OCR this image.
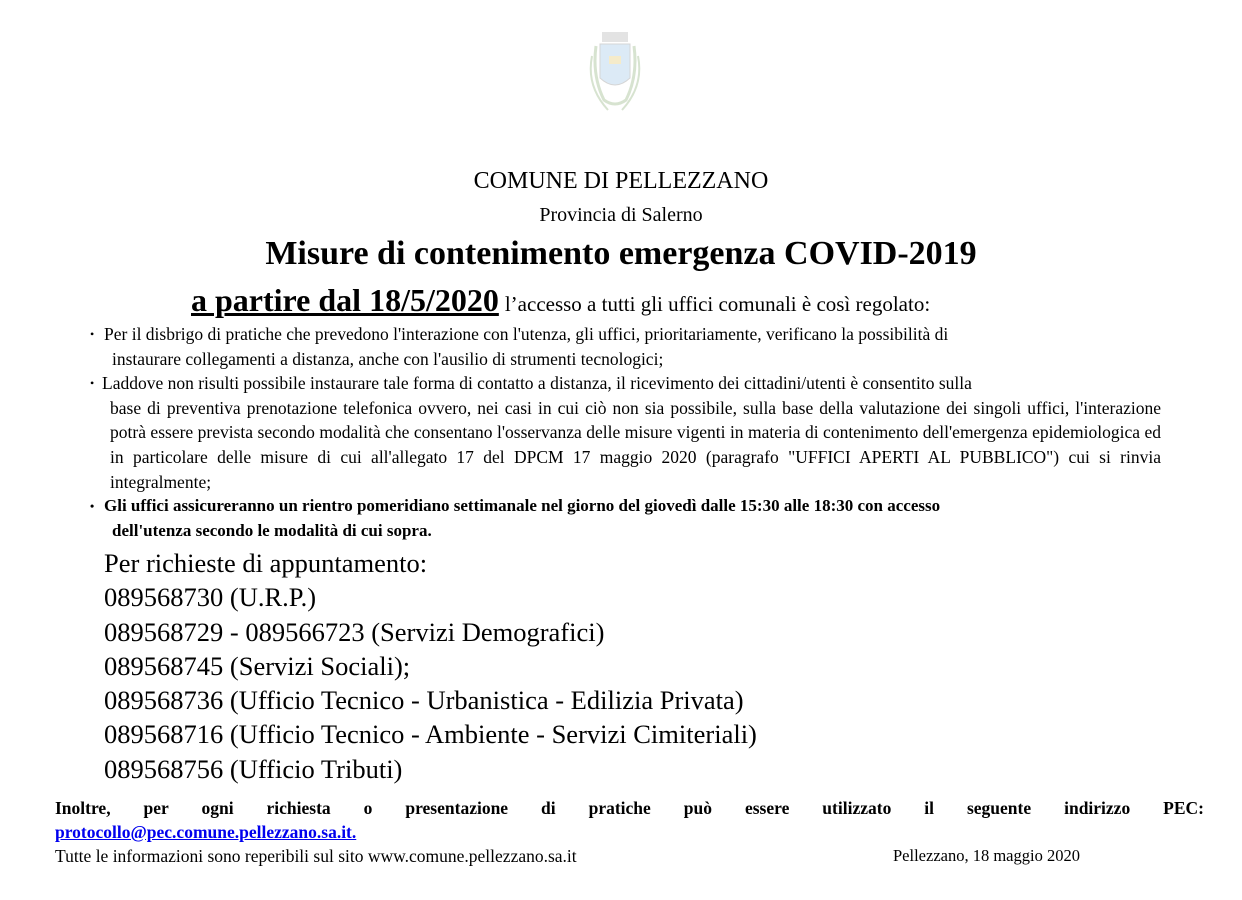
COMUNE DI PELLEZZANO
Provincia di Salerno
Misure di contenimento emergenza COVID-2019
a partire dal 18/5/2020 l’accesso a tutti gli uffici comunali è così regolato:
• Per il disbrigo di pratiche che prevedono l'interazione con l'utenza, gli uffici, prioritariamente, verificano la possibilità di
instaurare collegamenti a distanza, anche con l'ausilio di strumenti tecnologici;
• Laddove non risulti possibile instaurare tale forma di contatto a distanza, il ricevimento dei cittadini/utenti è consentito sulla
base di preventiva prenotazione telefonica ovvero, nei casi in cui ciò non sia possibile, sulla base della valutazione dei singoli uffici, l'interazione potrà essere prevista secondo modalità che consentano l'osservanza delle misure vigenti in materia di contenimento dell'emergenza epidemiologica ed in particolare delle misure di cui all'allegato 17 del DPCM 17 maggio 2020 (paragrafo "UFFICI APERTI AL PUBBLICO") cui si rinvia integralmente;
• Gli uffici assicureranno un rientro pomeridiano settimanale nel giorno del giovedì dalle 15:30 alle 18:30 con accesso
dell'utenza secondo le modalità di cui sopra.
Per richieste di appuntamento:
089568730 (U.R.P.)
089568729 - 089566723 (Servizi Demografici)
089568745 (Servizi Sociali);
089568736 (Ufficio Tecnico - Urbanistica - Edilizia Privata)
089568716 (Ufficio Tecnico - Ambiente - Servizi Cimiteriali)
089568756 (Ufficio Tributi)
Inoltre, per ogni richiesta o presentazione di pratiche può essere utilizzato il seguente indirizzo PEC:
protocollo@pec.comune.pellezzano.sa.it.
Tutte le informazioni sono reperibili sul sito www.comune.pellezzano.sa.it	Pellezzano, 18 maggio 2020
